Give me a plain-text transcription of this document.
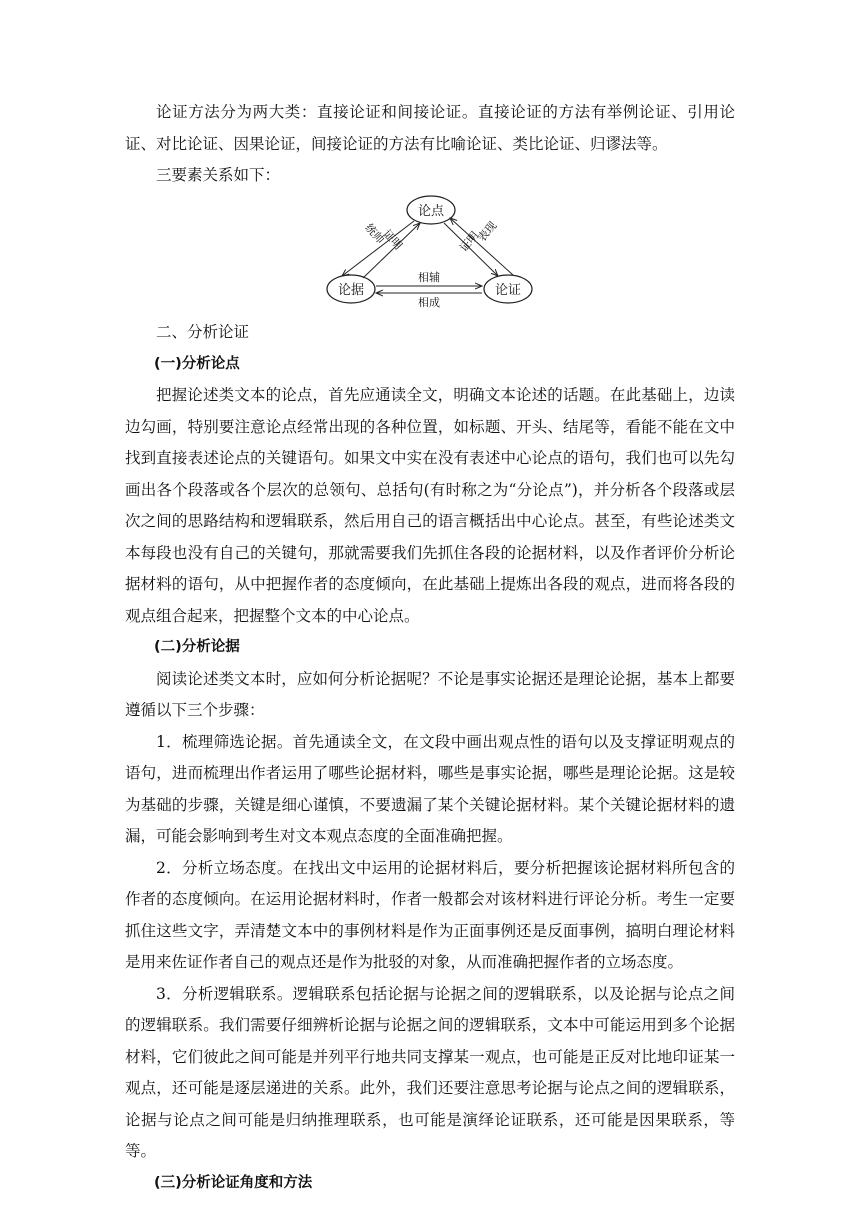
论证方法分为两大类：直接论证和间接论证。直接论证的方法有举例论证、引用论证、对比论证、因果论证，间接论证的方法有比喻论证、类比论证、归谬法等。

三要素关系如下：

论点
论据	论证
统帅
证明	表现
证明
相辅
相成

二、分析论证

(一)分析论点

把握论述类文本的论点，首先应通读全文，明确文本论述的话题。在此基础上，边读边勾画，特别要注意论点经常出现的各种位置，如标题、开头、结尾等，看能不能在文中找到直接表述论点的关键语句。如果文中实在没有表述中心论点的语句，我们也可以先勾画出各个段落或各个层次的总领句、总括句(有时称之为“分论点”)，并分析各个段落或层次之间的思路结构和逻辑联系，然后用自己的语言概括出中心论点。甚至，有些论述类文本每段也没有自己的关键句，那就需要我们先抓住各段的论据材料，以及作者评价分析论据材料的语句，从中把握作者的态度倾向，在此基础上提炼出各段的观点，进而将各段的观点组合起来，把握整个文本的中心论点。

(二)分析论据

阅读论述类文本时，应如何分析论据呢？不论是事实论据还是理论论据，基本上都要遵循以下三个步骤：

1．梳理筛选论据。首先通读全文，在文段中画出观点性的语句以及支撑证明观点的语句，进而梳理出作者运用了哪些论据材料，哪些是事实论据，哪些是理论论据。这是较为基础的步骤，关键是细心谨慎，不要遗漏了某个关键论据材料。某个关键论据材料的遗漏，可能会影响到考生对文本观点态度的全面准确把握。

2．分析立场态度。在找出文中运用的论据材料后，要分析把握该论据材料所包含的作者的态度倾向。在运用论据材料时，作者一般都会对该材料进行评论分析。考生一定要抓住这些文字，弄清楚文本中的事例材料是作为正面事例还是反面事例，搞明白理论材料是用来佐证作者自己的观点还是作为批驳的对象，从而准确把握作者的立场态度。

3．分析逻辑联系。逻辑联系包括论据与论据之间的逻辑联系，以及论据与论点之间的逻辑联系。我们需要仔细辨析论据与论据之间的逻辑联系，文本中可能运用到多个论据材料，它们彼此之间可能是并列平行地共同支撑某一观点，也可能是正反对比地印证某一观点，还可能是逐层递进的关系。此外，我们还要注意思考论据与论点之间的逻辑联系，论据与论点之间可能是归纳推理联系，也可能是演绎论证联系，还可能是因果联系，等等。

(三)分析论证角度和方法
